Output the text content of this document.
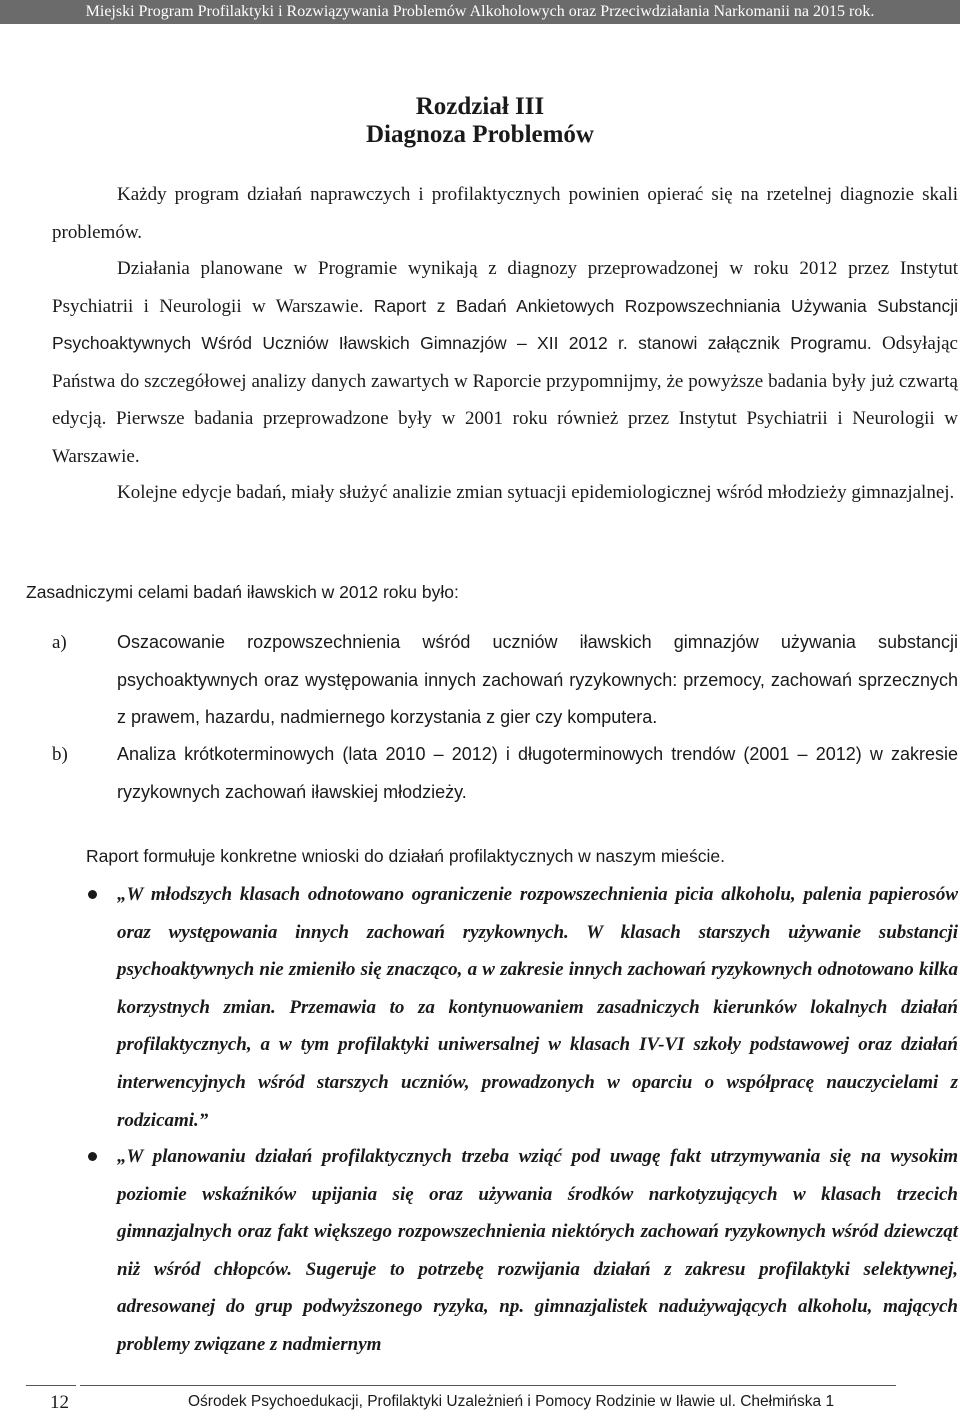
Miejski Program Profilaktyki i Rozwiązywania Problemów Alkoholowych oraz Przeciwdziałania Narkomanii na 2015 rok.
Rozdział III
Diagnoza Problemów
Każdy program działań naprawczych i profilaktycznych powinien opierać się na rzetelnej diagnozie skali problemów.
Działania planowane w Programie wynikają z diagnozy przeprowadzonej w roku 2012 przez Instytut Psychiatrii i Neurologii w Warszawie. Raport z Badań Ankietowych Rozpowszechniania Używania Substancji Psychoaktywnych Wśród Uczniów Iławskich Gimnazjów – XII 2012 r. stanowi załącznik Programu. Odsyłając Państwa do szczegółowej analizy danych zawartych w Raporcie przypomnijmy, że powyższe badania były już czwartą edycją. Pierwsze badania przeprowadzone były w 2001 roku również przez Instytut Psychiatrii i Neurologii w Warszawie.
Kolejne edycje badań, miały służyć analizie zmian sytuacji epidemiologicznej wśród młodzieży gimnazjalnej.
Zasadniczymi celami badań iławskich w 2012 roku było:
a)	Oszacowanie rozpowszechnienia wśród uczniów iławskich gimnazjów używania substancji psychoaktywnych oraz występowania innych zachowań ryzykownych: przemocy, zachowań sprzecznych z prawem, hazardu, nadmiernego korzystania z gier czy komputera.
b)	Analiza krótkoterminowych (lata 2010 – 2012) i długoterminowych trendów (2001 – 2012) w zakresie ryzykownych zachowań iławskiej młodzieży.
Raport formułuje konkretne wnioski do działań profilaktycznych w naszym mieście.
„W młodszych klasach odnotowano ograniczenie rozpowszechnienia picia alkoholu, palenia papierosów oraz występowania innych zachowań ryzykownych. W klasach starszych używanie substancji psychoaktywnych nie zmieniło się znacząco, a w zakresie innych zachowań ryzykownych odnotowano kilka korzystnych zmian. Przemawia to za kontynuowaniem zasadniczych kierunków lokalnych działań profilaktycznych, a w tym profilaktyki uniwersalnej w klasach IV-VI szkoły podstawowej oraz działań interwencyjnych wśród starszych uczniów, prowadzonych w oparciu o współpracę nauczycielami z rodzicami.”
„W planowaniu działań profilaktycznych trzeba wziąć pod uwagę fakt utrzymywania się na wysokim poziomie wskaźników upijania się oraz używania środków narkotyzujących w klasach trzecich gimnazjalnych oraz fakt większego rozpowszechnienia niektórych zachowań ryzykownych wśród dziewcząt niż wśród chłopców. Sugeruje to potrzebę rozwijania działań z zakresu profilaktyki selektywnej, adresowanej do grup podwyższonego ryzyka, np. gimnazjalistek nadużywających alkoholu, mających problemy związane z nadmiernym
12	Ośrodek Psychoedukacji, Profilaktyki Uzależnień i Pomocy Rodzinie w Iławie ul. Chełmińska 1
